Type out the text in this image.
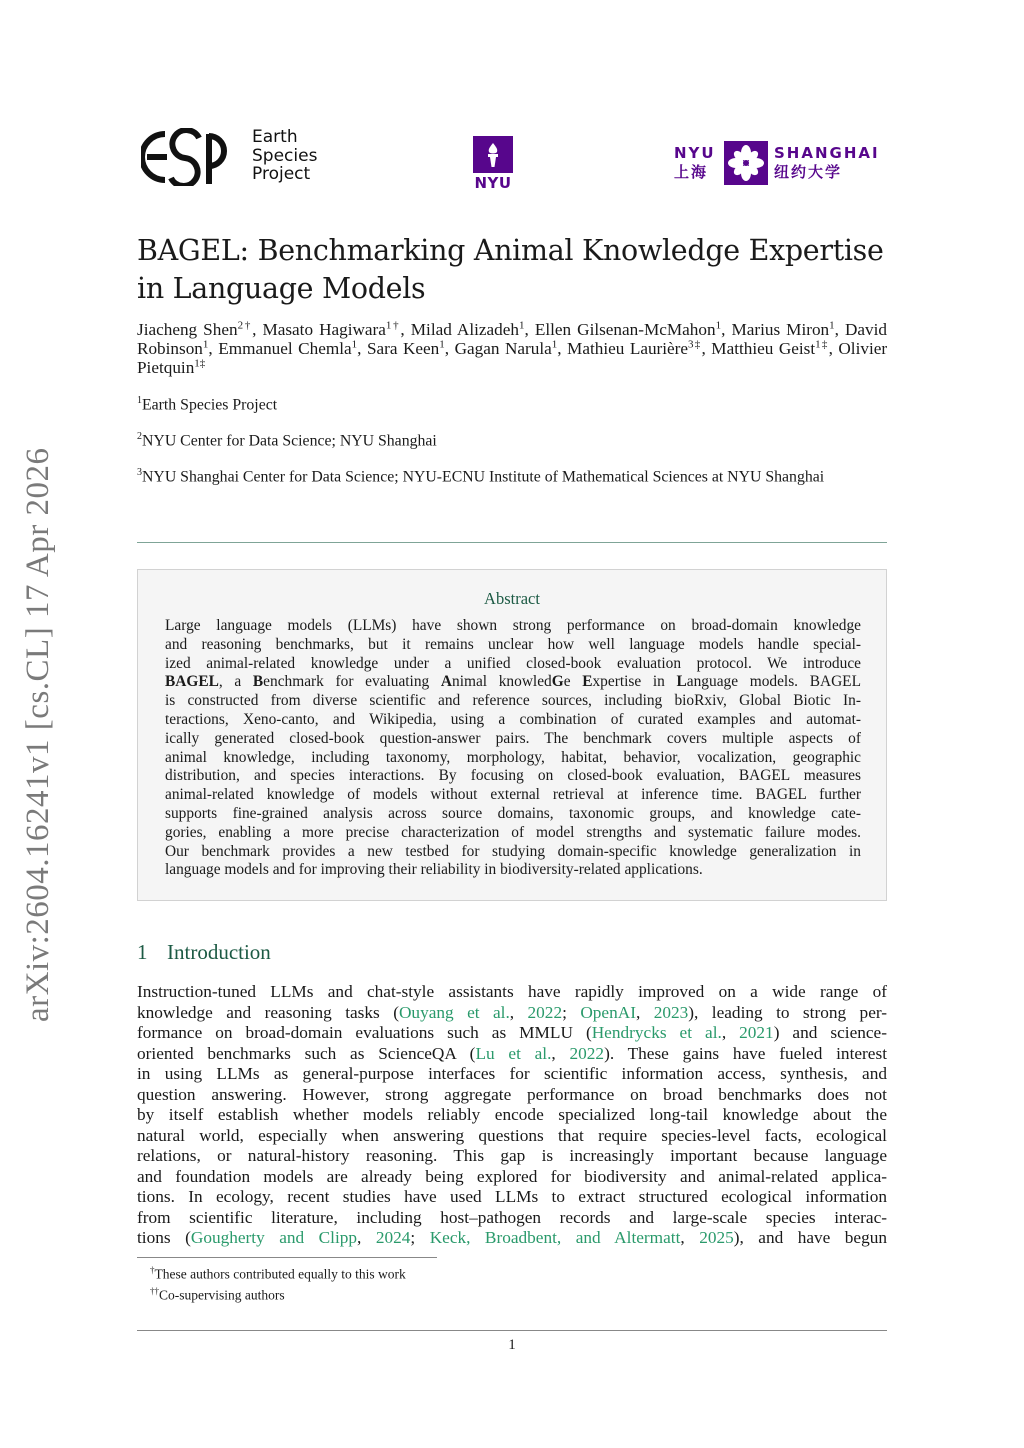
arXiv:2604.16241v1 [cs.CL] 17 Apr 2026
Earth
Species
Project	NYU
NYU
上海
SHANGHAI
纽约大学
BAGEL: Benchmarking Animal Knowledge Expertise
in Language Models
Jiacheng Shen$^{2\dagger}$, Masato Hagiwara$^{1\dagger}$, Milad Alizadeh$^1$, Ellen Gilsenan-McMahon$^1$, Marius Miron$^1$, David Robinson$^1$, Emmanuel Chemla$^1$, Sara Keen$^1$, Gagan Narula$^1$, Mathieu Laurière$^{3\ddagger}$, Matthieu Geist$^{1\ddagger}$, Olivier Pietquin$^{1\ddagger}$
$^1$Earth Species Project
$^2$NYU Center for Data Science; NYU Shanghai
$^3$NYU Shanghai Center for Data Science; NYU-ECNU Institute of Mathematical Sciences at NYU Shanghai
Abstract
Large language models (LLMs) have shown strong performance on broad-domain knowledge
and reasoning benchmarks, but it remains unclear how well language models handle special-
ized animal-related knowledge under a unified closed-book evaluation protocol. We introduce
BAGEL, a Benchmark for evaluating Animal knowledGe Expertise in Language models. BAGEL
is constructed from diverse scientific and reference sources, including bioRxiv, Global Biotic In-
teractions, Xeno-canto, and Wikipedia, using a combination of curated examples and automat-
ically generated closed-book question-answer pairs. The benchmark covers multiple aspects of
animal knowledge, including taxonomy, morphology, habitat, behavior, vocalization, geographic
distribution, and species interactions. By focusing on closed-book evaluation, BAGEL measures
animal-related knowledge of models without external retrieval at inference time. BAGEL further
supports fine-grained analysis across source domains, taxonomic groups, and knowledge cate-
gories, enabling a more precise characterization of model strengths and systematic failure modes.
Our benchmark provides a new testbed for studying domain-specific knowledge generalization in
language models and for improving their reliability in biodiversity-related applications.
1 Introduction
Instruction-tuned LLMs and chat-style assistants have rapidly improved on a wide range of
knowledge and reasoning tasks (Ouyang et al., 2022; OpenAI, 2023), leading to strong per-
formance on broad-domain evaluations such as MMLU (Hendrycks et al., 2021) and science-
oriented benchmarks such as ScienceQA (Lu et al., 2022). These gains have fueled interest
in using LLMs as general-purpose interfaces for scientific information access, synthesis, and
question answering. However, strong aggregate performance on broad benchmarks does not
by itself establish whether models reliably encode specialized long-tail knowledge about the
natural world, especially when answering questions that require species-level facts, ecological
relations, or natural-history reasoning. This gap is increasingly important because language
and foundation models are already being explored for biodiversity and animal-related applica-
tions. In ecology, recent studies have used LLMs to extract structured ecological information
from scientific literature, including host–pathogen records and large-scale species interac-
tions (Gougherty and Clipp, 2024; Keck, Broadbent, and Altermatt, 2025), and have begun
†These authors contributed equally to this work
††Co-supervising authors
1
